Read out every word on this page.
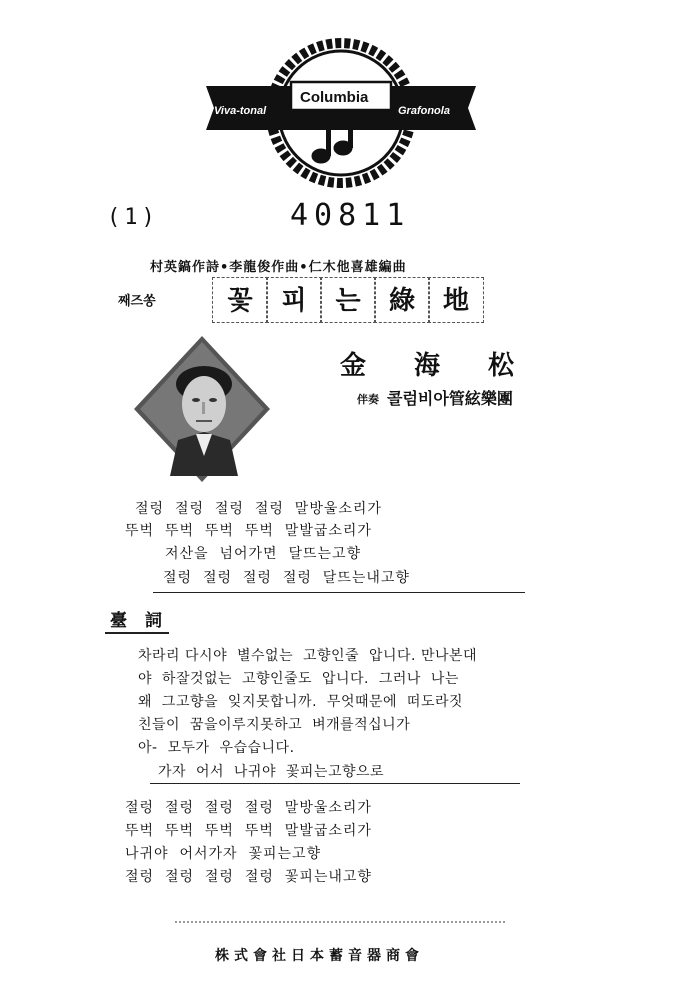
Viva-tonal
Columbia
Grafonola
(1)	40811
村英鎬作詩•李龍俊作曲•仁木他喜雄編曲
째즈쏭	꽃	피	는	綠	地
金海松
伴奏 콜럼비아管絃樂團
절렁  절렁  절렁  절렁  말방울소리가
뚜벅  뚜벅  뚜벅  뚜벅  말발굽소리가
저산을  넘어가면  달뜨는고향
절렁  절렁  절렁  절렁  달뜨는내고향
臺詞
차라리 다시야  별수없는  고향인줄  압니다. 만나본대
야  하잘것없는  고향인줄도  압니다.  그러나  나는
왜  그고향을  잊지못합니까.  무엇때문에  떠도라짓
친들이  꿈을이루지못하고  벼개를적십니가
아-  모두가  우습습니다.
가자  어서  나귀야  꽃피는고향으로
절렁  절렁  절렁  절렁  말방울소리가
뚜벅  뚜벅  뚜벅  뚜벅  말발굽소리가
나귀야  어서가자  꽃피는고향
절렁  절렁  절렁  절렁  꽃피는내고향
株式會社日本蓄音器商會
